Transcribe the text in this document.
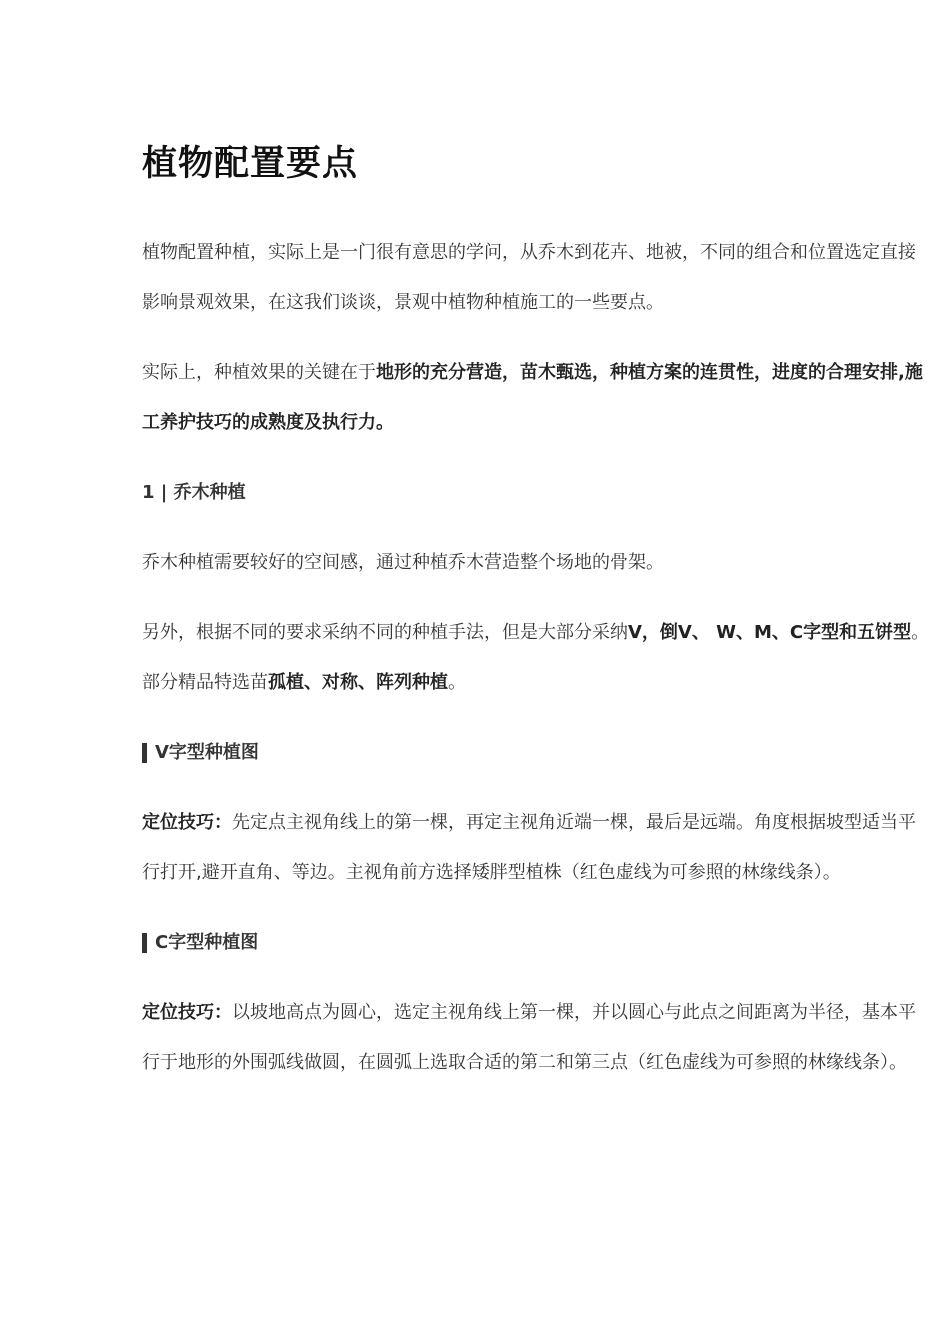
植物配置要点

植物配置种植，实际上是一门很有意思的学问，从乔木到花卉、地被，不同的组合和位置选定直接影响景观效果，在这我们谈谈，景观中植物种植施工的一些要点。

实际上，种植效果的关键在于地形的充分营造，苗木甄选，种植方案的连贯性，进度的合理安排,施工养护技巧的成熟度及执行力。

1 | 乔木种植

乔木种植需要较好的空间感，通过种植乔木营造整个场地的骨架。

另外，根据不同的要求采纳不同的种植手法，但是大部分采纳V，倒V、 W、M、C字型和五饼型。部分精品特选苗孤植、对称、阵列种植。

V字型种植图

定位技巧：先定点主视角线上的第一棵，再定主视角近端一棵，最后是远端。角度根据坡型适当平行打开,避开直角、等边。主视角前方选择矮胖型植株（红色虚线为可参照的林缘线条）。

C字型种植图

定位技巧：以坡地高点为圆心，选定主视角线上第一棵，并以圆心与此点之间距离为半径，基本平行于地形的外围弧线做圆，在圆弧上选取合适的第二和第三点（红色虚线为可参照的林缘线条）。
